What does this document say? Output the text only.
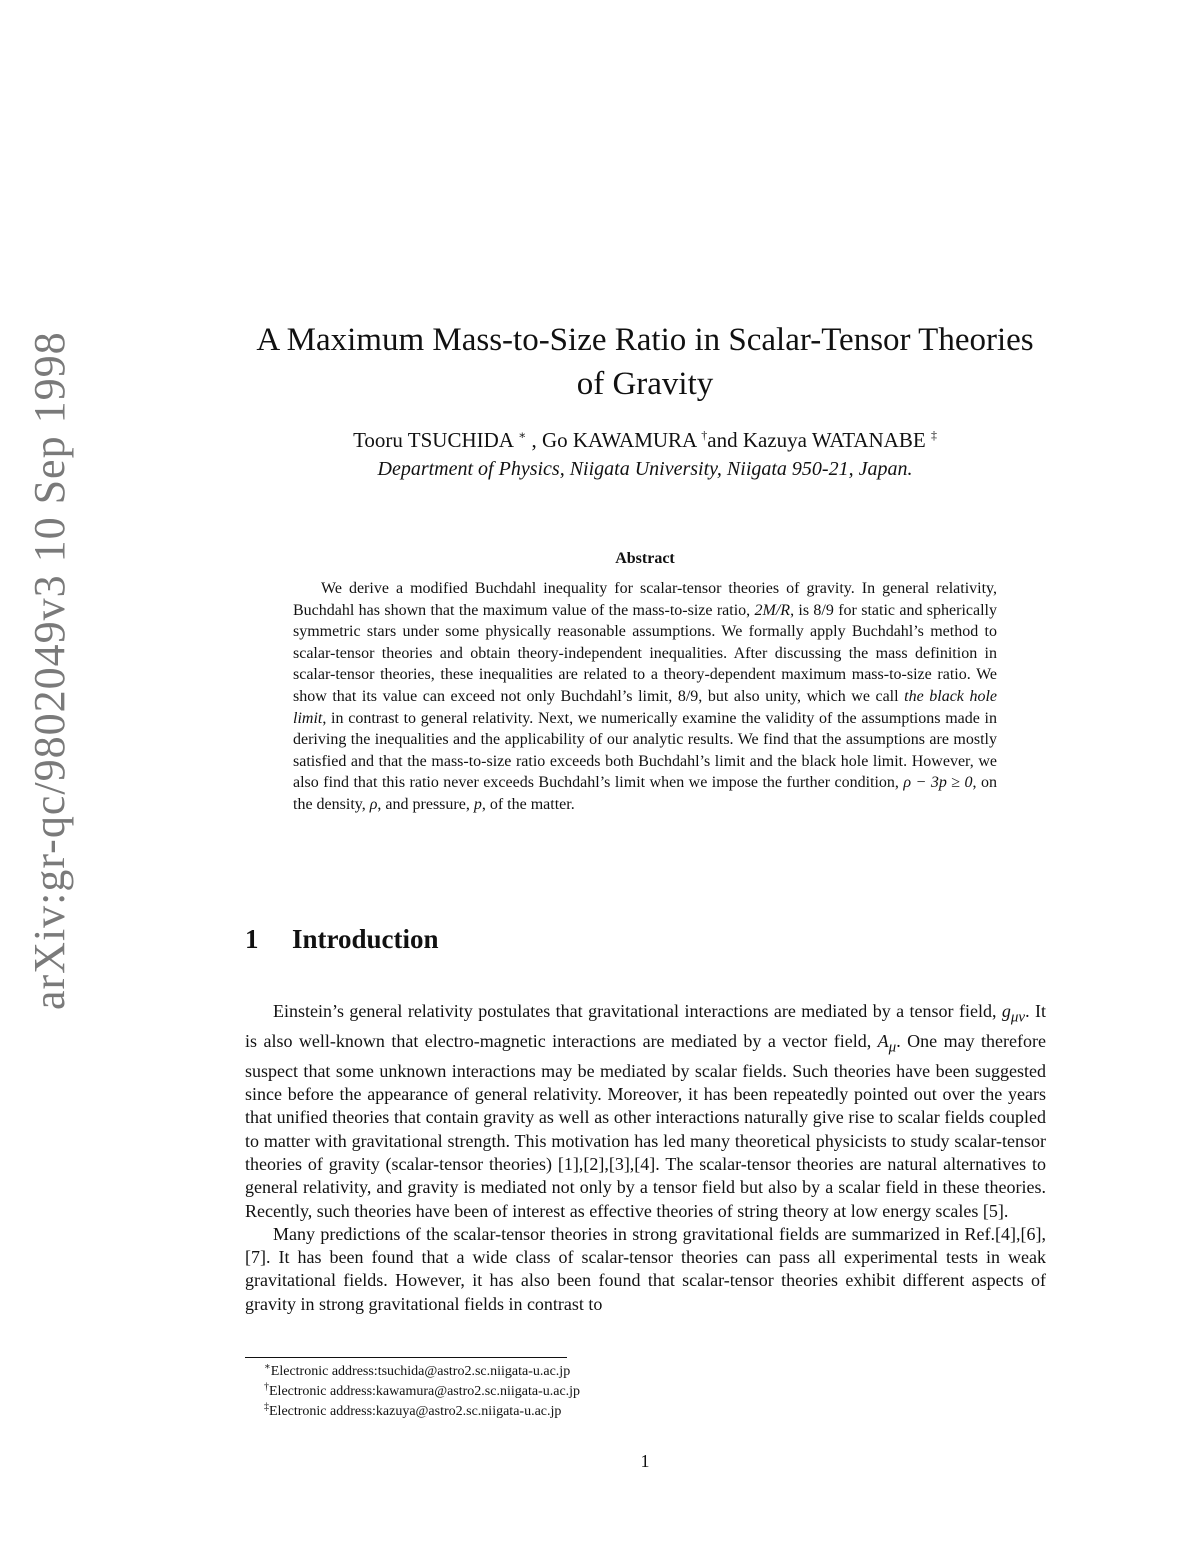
arXiv:gr-qc/9802049v3 10 Sep 1998	A Maximum Mass-to-Size Ratio in Scalar-Tensor Theories
of Gravity
Tooru TSUCHIDA ∗ , Go KAWAMURA †and Kazuya WATANABE ‡
Department of Physics, Niigata University, Niigata 950-21, Japan.
Abstract

We derive a modified Buchdahl inequality for scalar-tensor theories of gravity. In general relativity, Buchdahl has shown that the maximum value of the mass-to-size ratio, 2M/R, is 8/9 for static and spherically symmetric stars under some physically reasonable assumptions. We formally apply Buchdahl’s method to scalar-tensor theories and obtain theory-independent inequalities. After discussing the mass definition in scalar-tensor theories, these inequalities are related to a theory-dependent maximum mass-to-size ratio. We show that its value can exceed not only Buchdahl’s limit, 8/9, but also unity, which we call the black hole limit, in contrast to general relativity. Next, we numerically examine the validity of the assumptions made in deriving the inequalities and the applicability of our analytic results. We find that the assumptions are mostly satisfied and that the mass-to-size ratio exceeds both Buchdahl’s limit and the black hole limit. However, we also find that this ratio never exceeds Buchdahl’s limit when we impose the further condition, ρ − 3p ≥ 0, on the density, ρ, and pressure, p, of the matter.

1 Introduction

Einstein’s general relativity postulates that gravitational interactions are mediated by a tensor field, $g_{\mu\nu}$. It is also well-known that electro-magnetic interactions are mediated by a vector field, $A_\mu$. One may therefore suspect that some unknown interactions may be mediated by scalar fields. Such theories have been suggested since before the appearance of general relativity. Moreover, it has been repeatedly pointed out over the years that unified theories that contain gravity as well as other interactions naturally give rise to scalar fields coupled to matter with gravitational strength. This motivation has led many theoretical physicists to study scalar-tensor theories of gravity (scalar-tensor theories) [1],[2],[3],[4]. The scalar-tensor theories are natural alternatives to general relativity, and gravity is mediated not only by a tensor field but also by a scalar field in these theories. Recently, such theories have been of interest as effective theories of string theory at low energy scales [5].

Many predictions of the scalar-tensor theories in strong gravitational fields are summarized in Ref.[4],[6],[7]. It has been found that a wide class of scalar-tensor theories can pass all experimental tests in weak gravitational fields. However, it has also been found that scalar-tensor theories exhibit different aspects of gravity in strong gravitational fields in contrast to

∗Electronic address:tsuchida@astro2.sc.niigata-u.ac.jp
†Electronic address:kawamura@astro2.sc.niigata-u.ac.jp
‡Electronic address:kazuya@astro2.sc.niigata-u.ac.jp
1
